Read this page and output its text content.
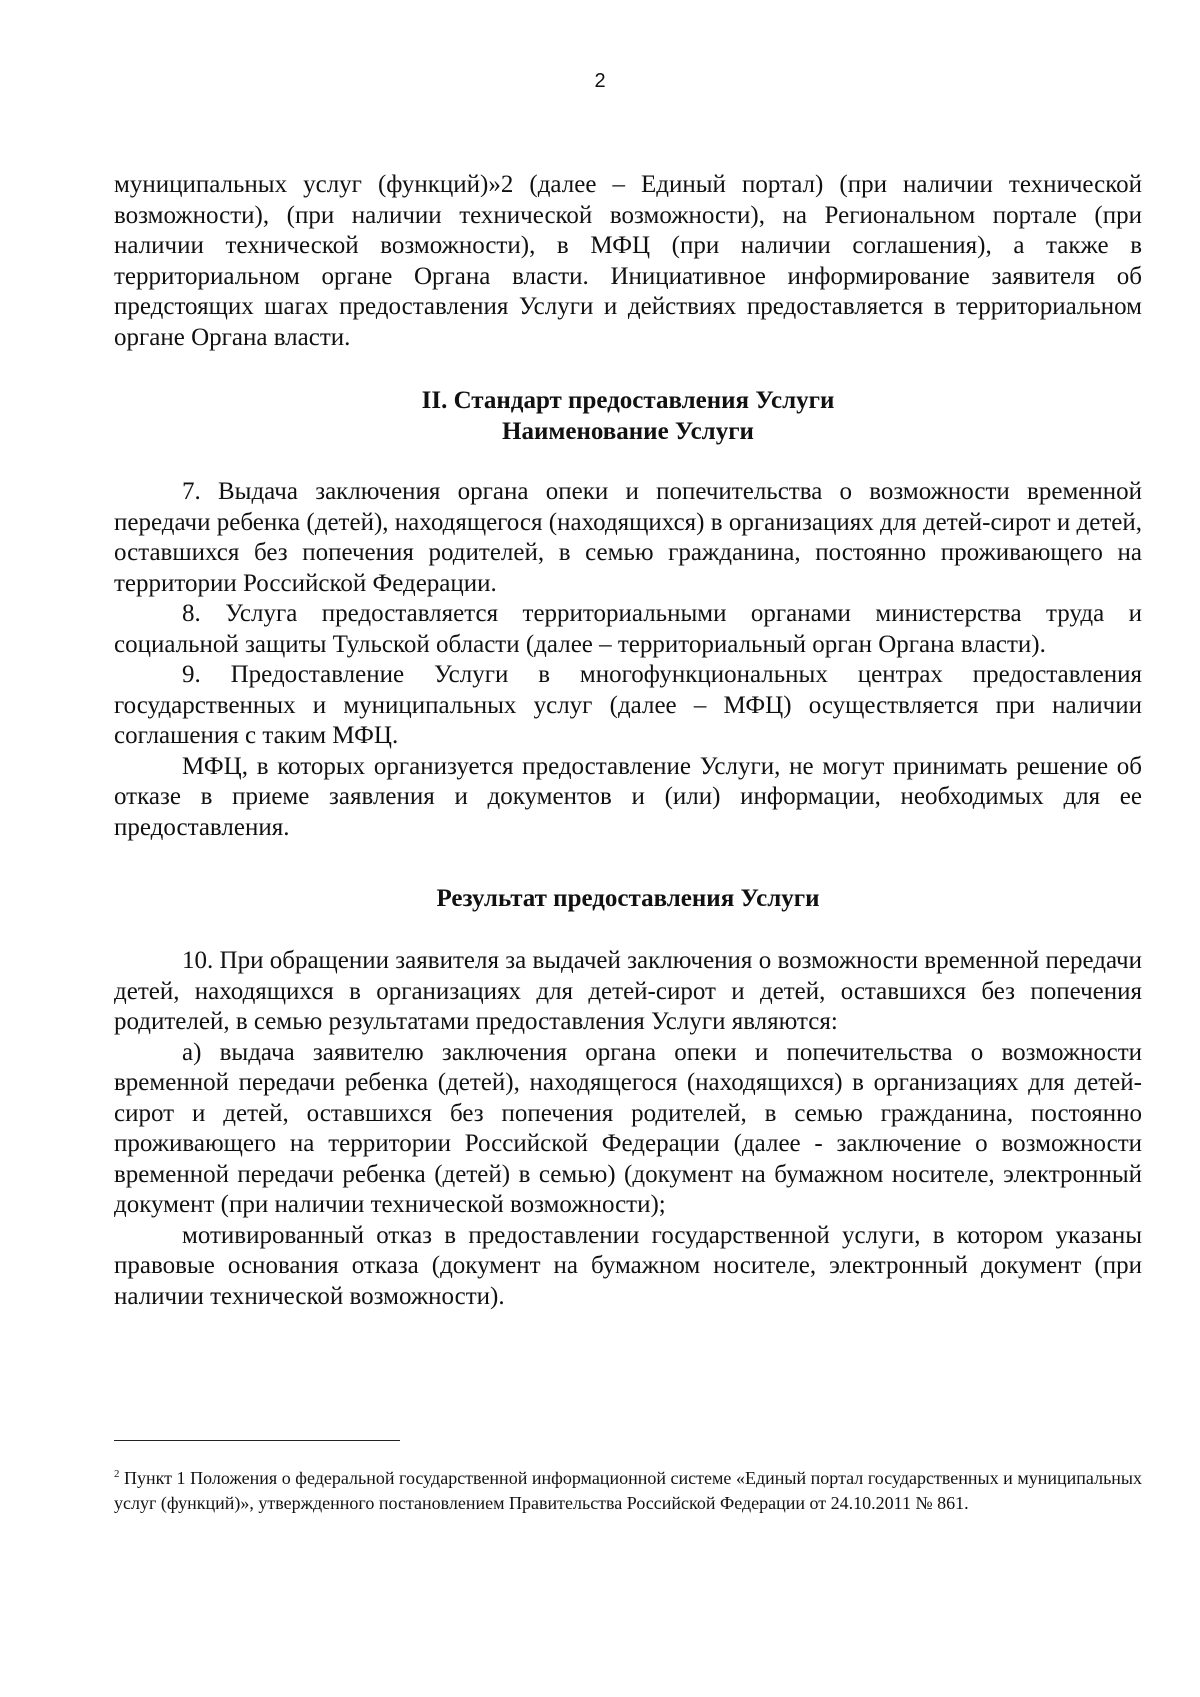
2

муниципальных услуг (функций)»2 (далее – Единый портал) (при наличии технической возможности), (при наличии технической возможности), на Региональном портале (при наличии технической возможности), в МФЦ (при наличии соглашения), а также в территориальном органе Органа власти. Инициативное информирование заявителя об предстоящих шагах предоставления Услуги и действиях предоставляется в территориальном органе Органа власти.

II. Стандарт предоставления Услуги
Наименование Услуги

7. Выдача заключения органа опеки и попечительства о возможности временной передачи ребенка (детей), находящегося (находящихся) в организациях для детей-сирот и детей, оставшихся без попечения родителей, в семью гражданина, постоянно проживающего на территории Российской Федерации.

8. Услуга предоставляется территориальными органами министерства труда и социальной защиты Тульской области (далее – территориальный орган Органа власти).

9. Предоставление Услуги в многофункциональных центрах предоставления государственных и муниципальных услуг (далее – МФЦ) осуществляется при наличии соглашения с таким МФЦ.

МФЦ, в которых организуется предоставление Услуги, не могут принимать решение об отказе в приеме заявления и документов и (или) информации, необходимых для ее предоставления.

Результат предоставления Услуги

10. При обращении заявителя за выдачей заключения о возможности временной передачи детей, находящихся в организациях для детей-сирот и детей, оставшихся без попечения родителей, в семью результатами предоставления Услуги являются:

а) выдача заявителю заключения органа опеки и попечительства о возможности временной передачи ребенка (детей), находящегося (находящихся) в организациях для детей-сирот и детей, оставшихся без попечения родителей, в семью гражданина, постоянно проживающего на территории Российской Федерации (далее - заключение о возможности временной передачи ребенка (детей) в семью) (документ на бумажном носителе, электронный документ (при наличии технической возможности);

мотивированный отказ в предоставлении государственной услуги, в котором указаны правовые основания отказа (документ на бумажном носителе, электронный документ (при наличии технической возможности).

$^2$ Пункт 1 Положения о федеральной государственной информационной системе «Единый портал государственных и муниципальных услуг (функций)», утвержденного постановлением Правительства Российской Федерации от 24.10.2011 № 861.
